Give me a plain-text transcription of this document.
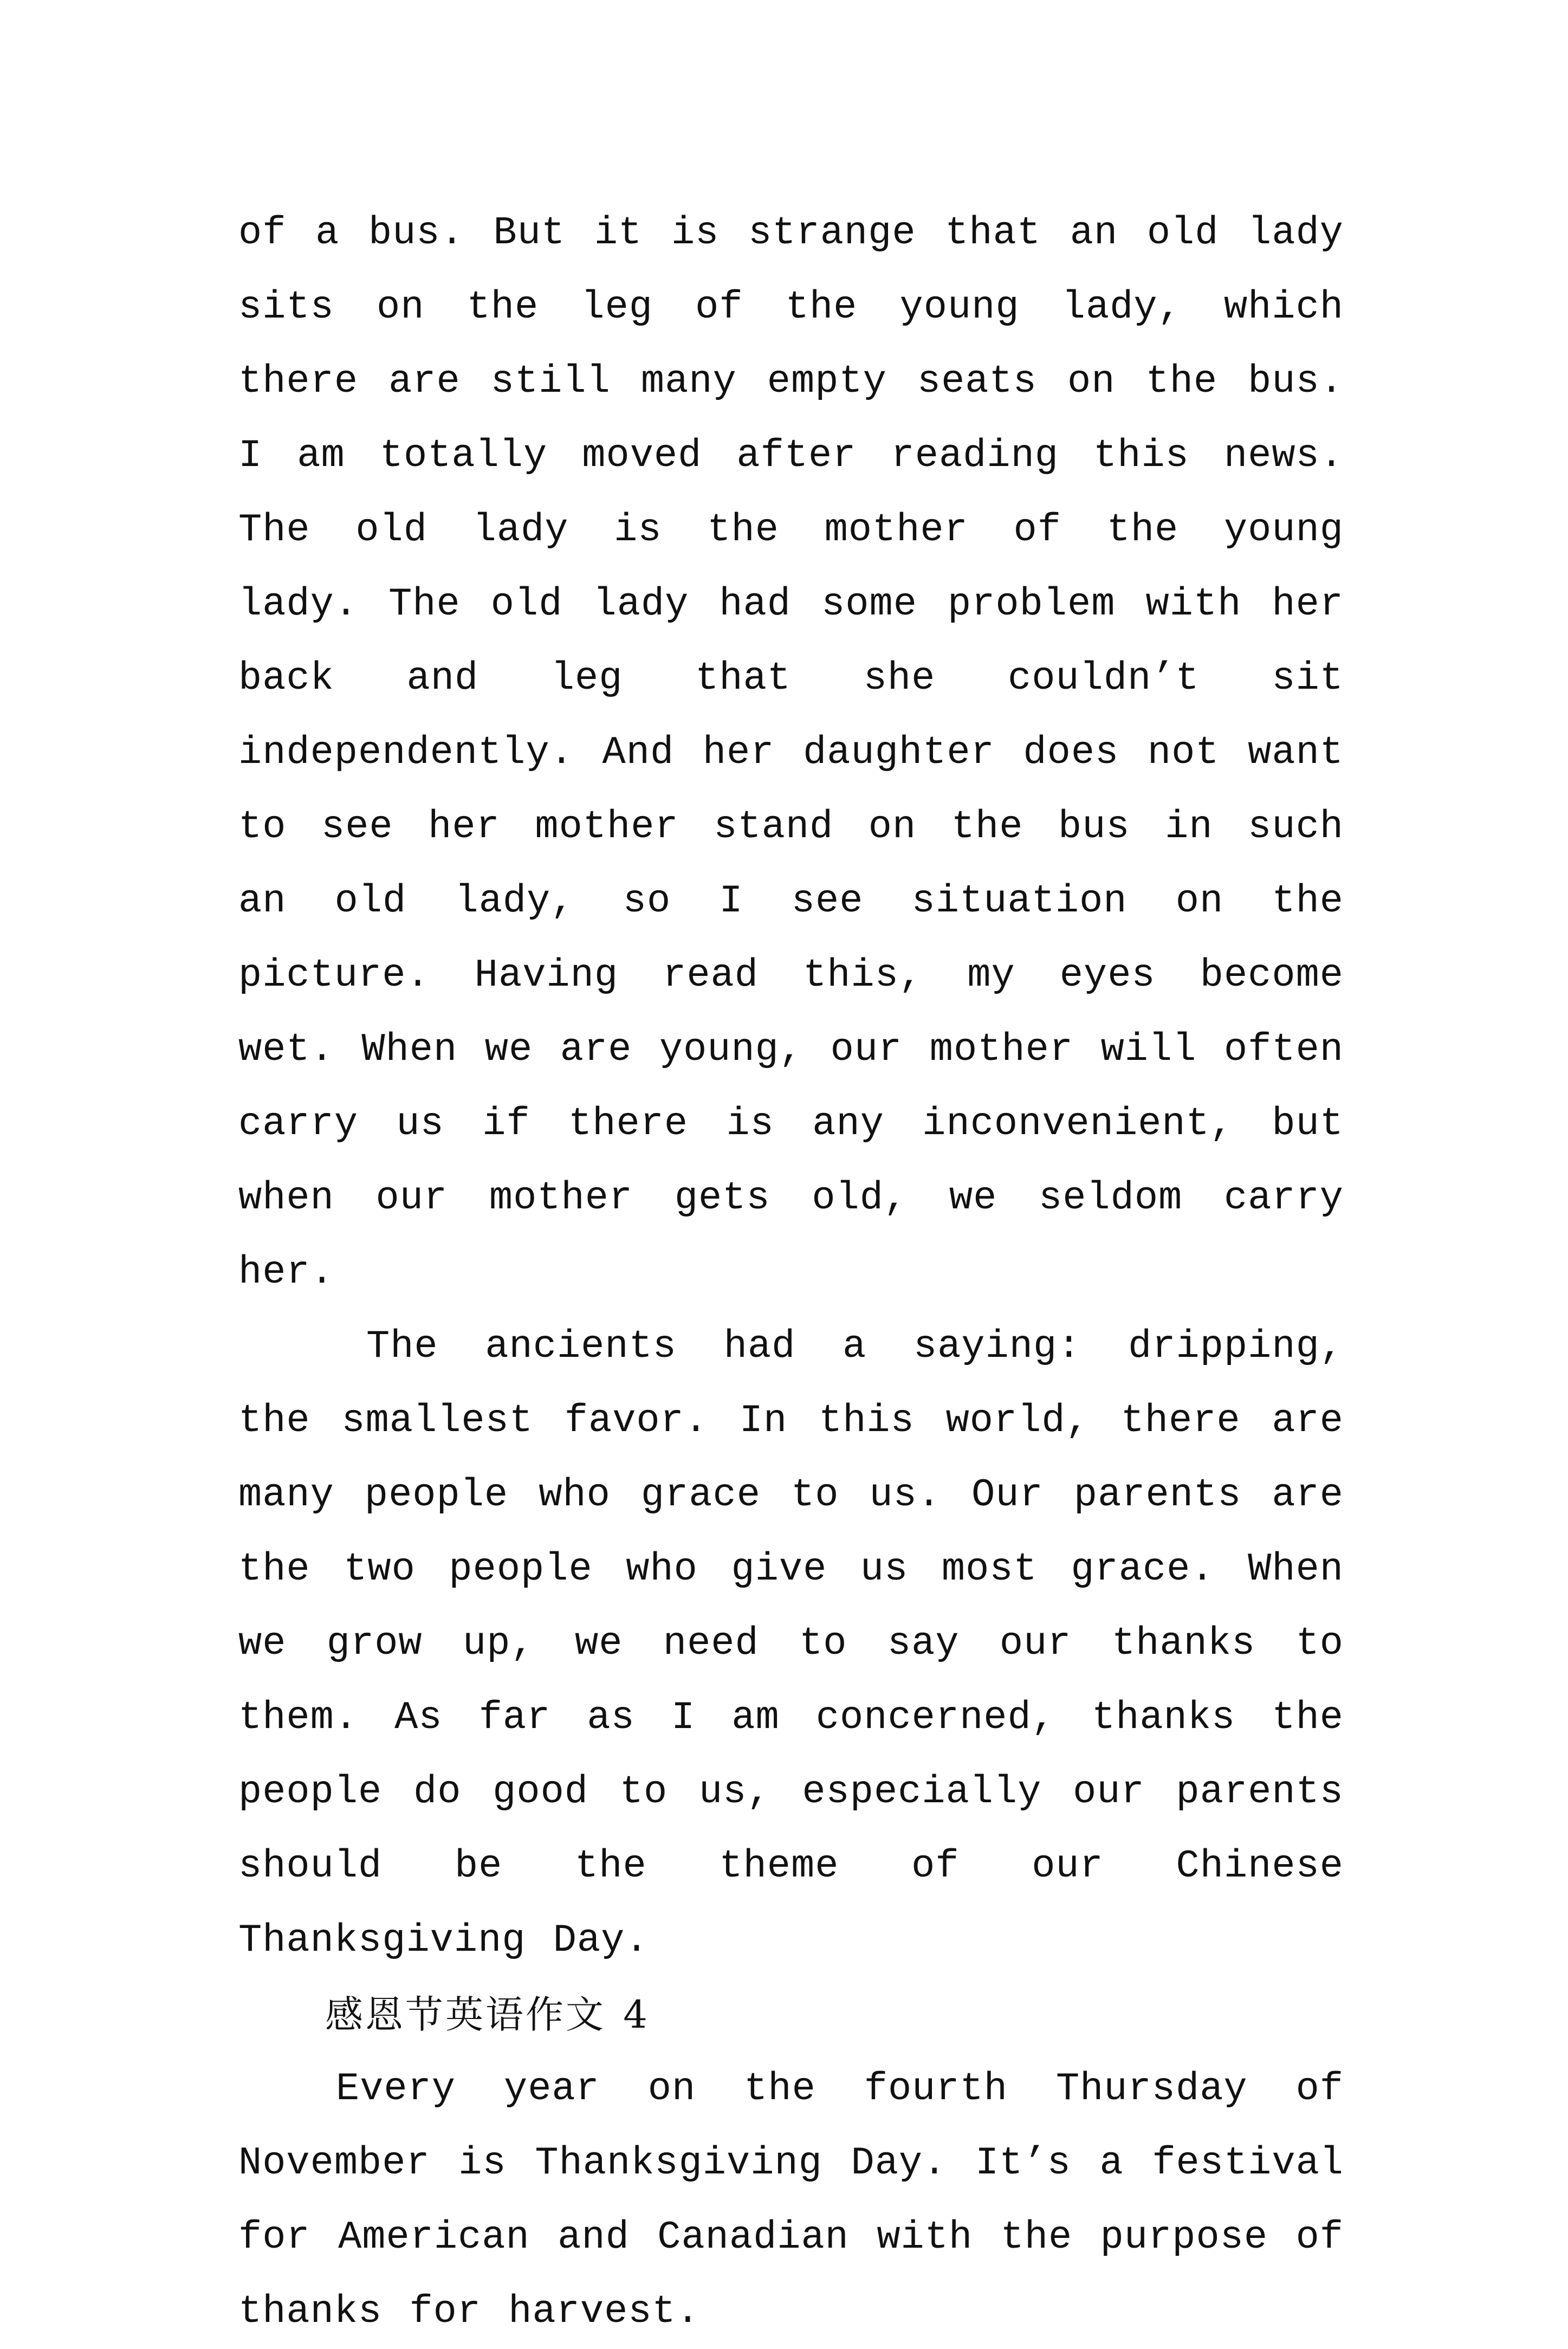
of a bus. But it is strange that an old lady sits on the leg of the young lady, which there are still many empty seats on the bus. I am totally moved after reading this news. The old lady is the mother of the young lady. The old lady had some problem with her back and leg that she couldn’t sit independently. And her daughter does not want to see her mother stand on the bus in such an old lady, so I see situation on the picture. Having read this, my eyes become wet. When we are young, our mother will often carry us if there is any inconvenient, but when our mother gets old, we seldom carry her.

The ancients had a saying: dripping, the smallest favor. In this world, there are many people who grace to us. Our parents are the two people who give us most grace. When we grow up, we need to say our thanks to them. As far as I am concerned, thanks the people do good to us, especially our parents should be the theme of our Chinese Thanksgiving Day.

感恩节英语作文 4

Every year on the fourth Thursday of November is Thanksgiving Day. It’s a festival for American and Canadian with the purpose of thanks for harvest.
